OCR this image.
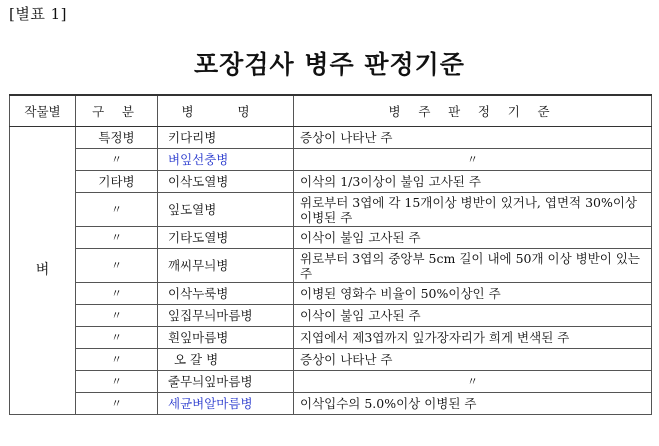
[별표 1]
포장검사 병주 판정기준
작물별	구 분	병 명	병 주 판 정 기 준
벼	특정병	키다리병	증상이 나타난 주
	〃	벼잎선충병	〃
	기타병	이삭도열병	이삭의 1/3이상이 불임 고사된 주
	〃	잎도열병	위로부터 3엽에 각 15개이상 병반이 있거나, 엽면적 30%이상 이병된 주
	〃	기타도열병	이삭이 불임 고사된 주
	〃	깨씨무늬병	위로부터 3엽의 중앙부 5cm 길이 내에 50개 이상 병반이 있는 주
	〃	이삭누룩병	이병된 영화수 비율이 50%이상인 주
	〃	잎집무늬마름병	이삭이 불임 고사된 주
	〃	흰잎마름병	지엽에서 제3엽까지 잎가장자리가 희게 변색된 주
	〃	오 갈 병	증상이 나타난 주
	〃	줄무늬잎마름병	〃
	〃	세균벼알마름병	이삭입수의 5.0%이상 이병된 주
